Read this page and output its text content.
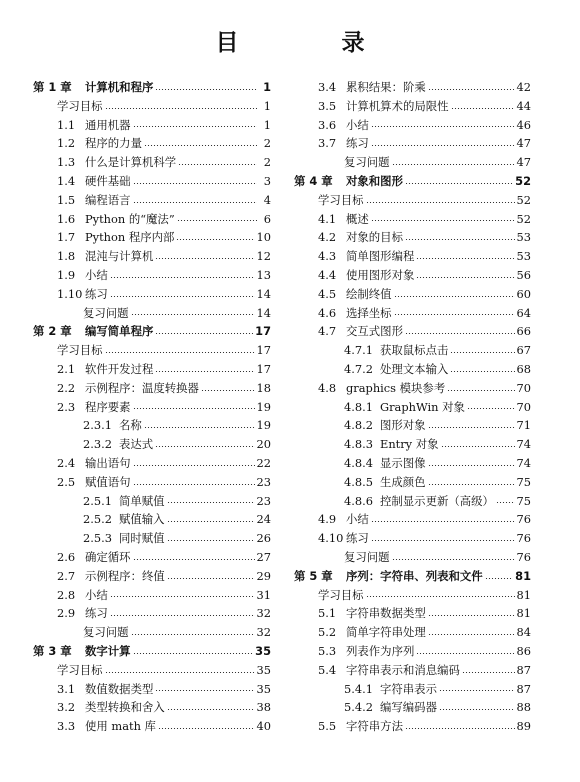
目　录
第 1 章	计算机和程序	1
学习目标	1
1.1 通用机器	1
1.2 程序的力量	2
1.3 什么是计算机科学	2
1.4 硬件基础	3
1.5 编程语言	4
1.6 Python 的“魔法”	6
1.7 Python 程序内部	10
1.8 混沌与计算机	12
1.9 小结	13
1.10 练习	14
复习问题	14
第 2 章	编写简单程序	17
学习目标	17
2.1 软件开发过程	17
2.2 示例程序：温度转换器	18
2.3 程序要素	19
2.3.1 名称	19
2.3.2 表达式	20
2.4 输出语句	22
2.5 赋值语句	23
2.5.1 简单赋值	23
2.5.2 赋值输入	24
2.5.3 同时赋值	26
2.6 确定循环	27
2.7 示例程序：终值	29
2.8 小结	31
2.9 练习	32
复习问题	32
第 3 章	数字计算	35
学习目标	35
3.1 数值数据类型	35
3.2 类型转换和舍入	38
3.3 使用 math 库	40
3.4 累积结果：阶乘	42
3.5 计算机算术的局限性	44
3.6 小结	46
3.7 练习	47
复习问题	47
第 4 章	对象和图形	52
学习目标	52
4.1 概述	52
4.2 对象的目标	53
4.3 简单图形编程	53
4.4 使用图形对象	56
4.5 绘制终值	60
4.6 选择坐标	64
4.7 交互式图形	66
4.7.1 获取鼠标点击	67
4.7.2 处理文本输入	68
4.8 graphics 模块参考	70
4.8.1 GraphWin 对象	70
4.8.2 图形对象	71
4.8.3 Entry 对象	74
4.8.4 显示图像	74
4.8.5 生成颜色	75
4.8.6 控制显示更新（高级） 75
4.9 小结	76
4.10 练习	76
复习问题	76
第 5 章	序列：字符串、列表和文件	81
学习目标	81
5.1 字符串数据类型	81
5.2 简单字符串处理	84
5.3 列表作为序列	86
5.4 字符串表示和消息编码	87
5.4.1 字符串表示	87
5.4.2 编写编码器	88
5.5 字符串方法	89
